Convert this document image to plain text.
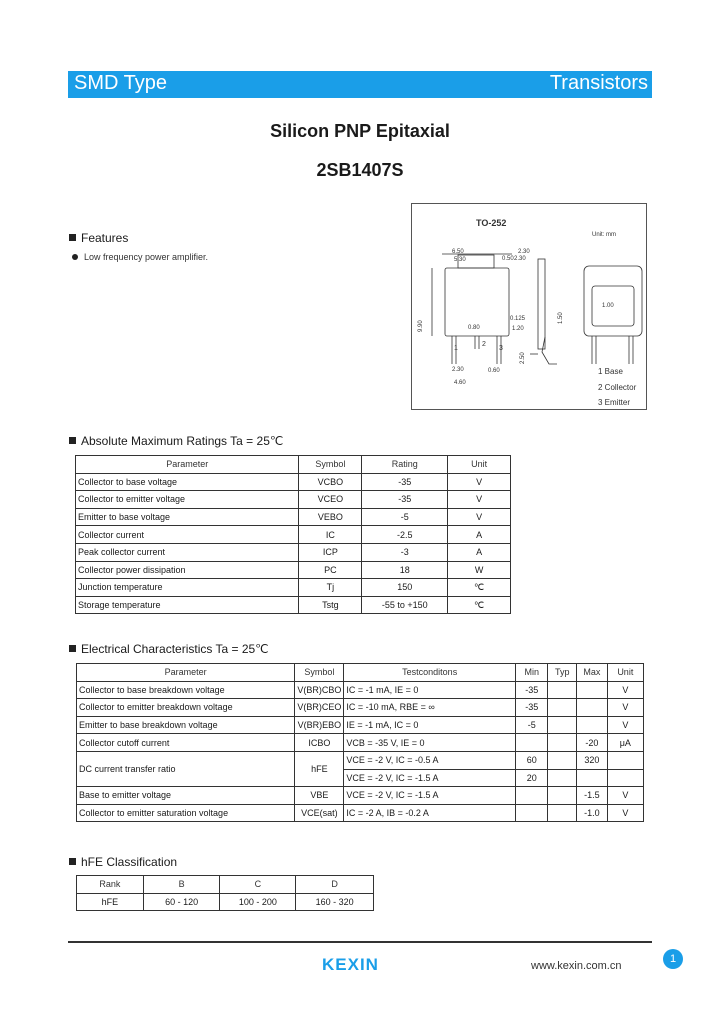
SMD Type	Transistors
Silicon PNP Epitaxial
2SB1407S
Features
Low frequency power amplifier.
TO-252
Unit: mm
6.50
5.30
2.30
0.50 2.30
0.125
0.80	1.20
2.30
4.60
0.60
1.00
9.90
1.50
2.50
1
2
3
1 Base
2 Collector
3 Emitter
Absolute Maximum Ratings Ta = 25℃
Parameter	Symbol	Rating	Unit
Collector to base voltage	VCBO	-35	V
Collector to emitter voltage	VCEO	-35	V
Emitter to base voltage	VEBO	-5	V
Collector current	IC	-2.5	A
Peak collector current	ICP	-3	A
Collector power dissipation	PC	18	W
Junction temperature	Tj	150	℃
Storage temperature	Tstg	-55 to +150	℃
Electrical Characteristics Ta = 25℃
Parameter	Symbol	Testconditons	Min	Typ	Max	Unit
Collector to base breakdown voltage	V(BR)CBO	IC = -1 mA, IE = 0	-35			V
Collector to emitter breakdown voltage	V(BR)CEO	IC = -10 mA, RBE = ∞	-35			V
Emitter to base breakdown voltage	V(BR)EBO	IE = -1 mA, IC = 0	-5			V
Collector cutoff current	ICBO	VCB = -35 V, IE = 0			-20	μA
DC current transfer ratio	hFE	VCE = -2 V, IC = -0.5 A	60		320	
		VCE = -2 V, IC = -1.5 A	20			
Base to emitter voltage	VBE	VCE = -2 V, IC = -1.5 A			-1.5	V
Collector to emitter saturation voltage	VCE(sat)	IC = -2 A, IB = -0.2 A			-1.0	V
hFE Classification
Rank	B	C	D
hFE	60 - 120	100 - 200	160 - 320
KEXIN	www.kexin.com.cn
1
